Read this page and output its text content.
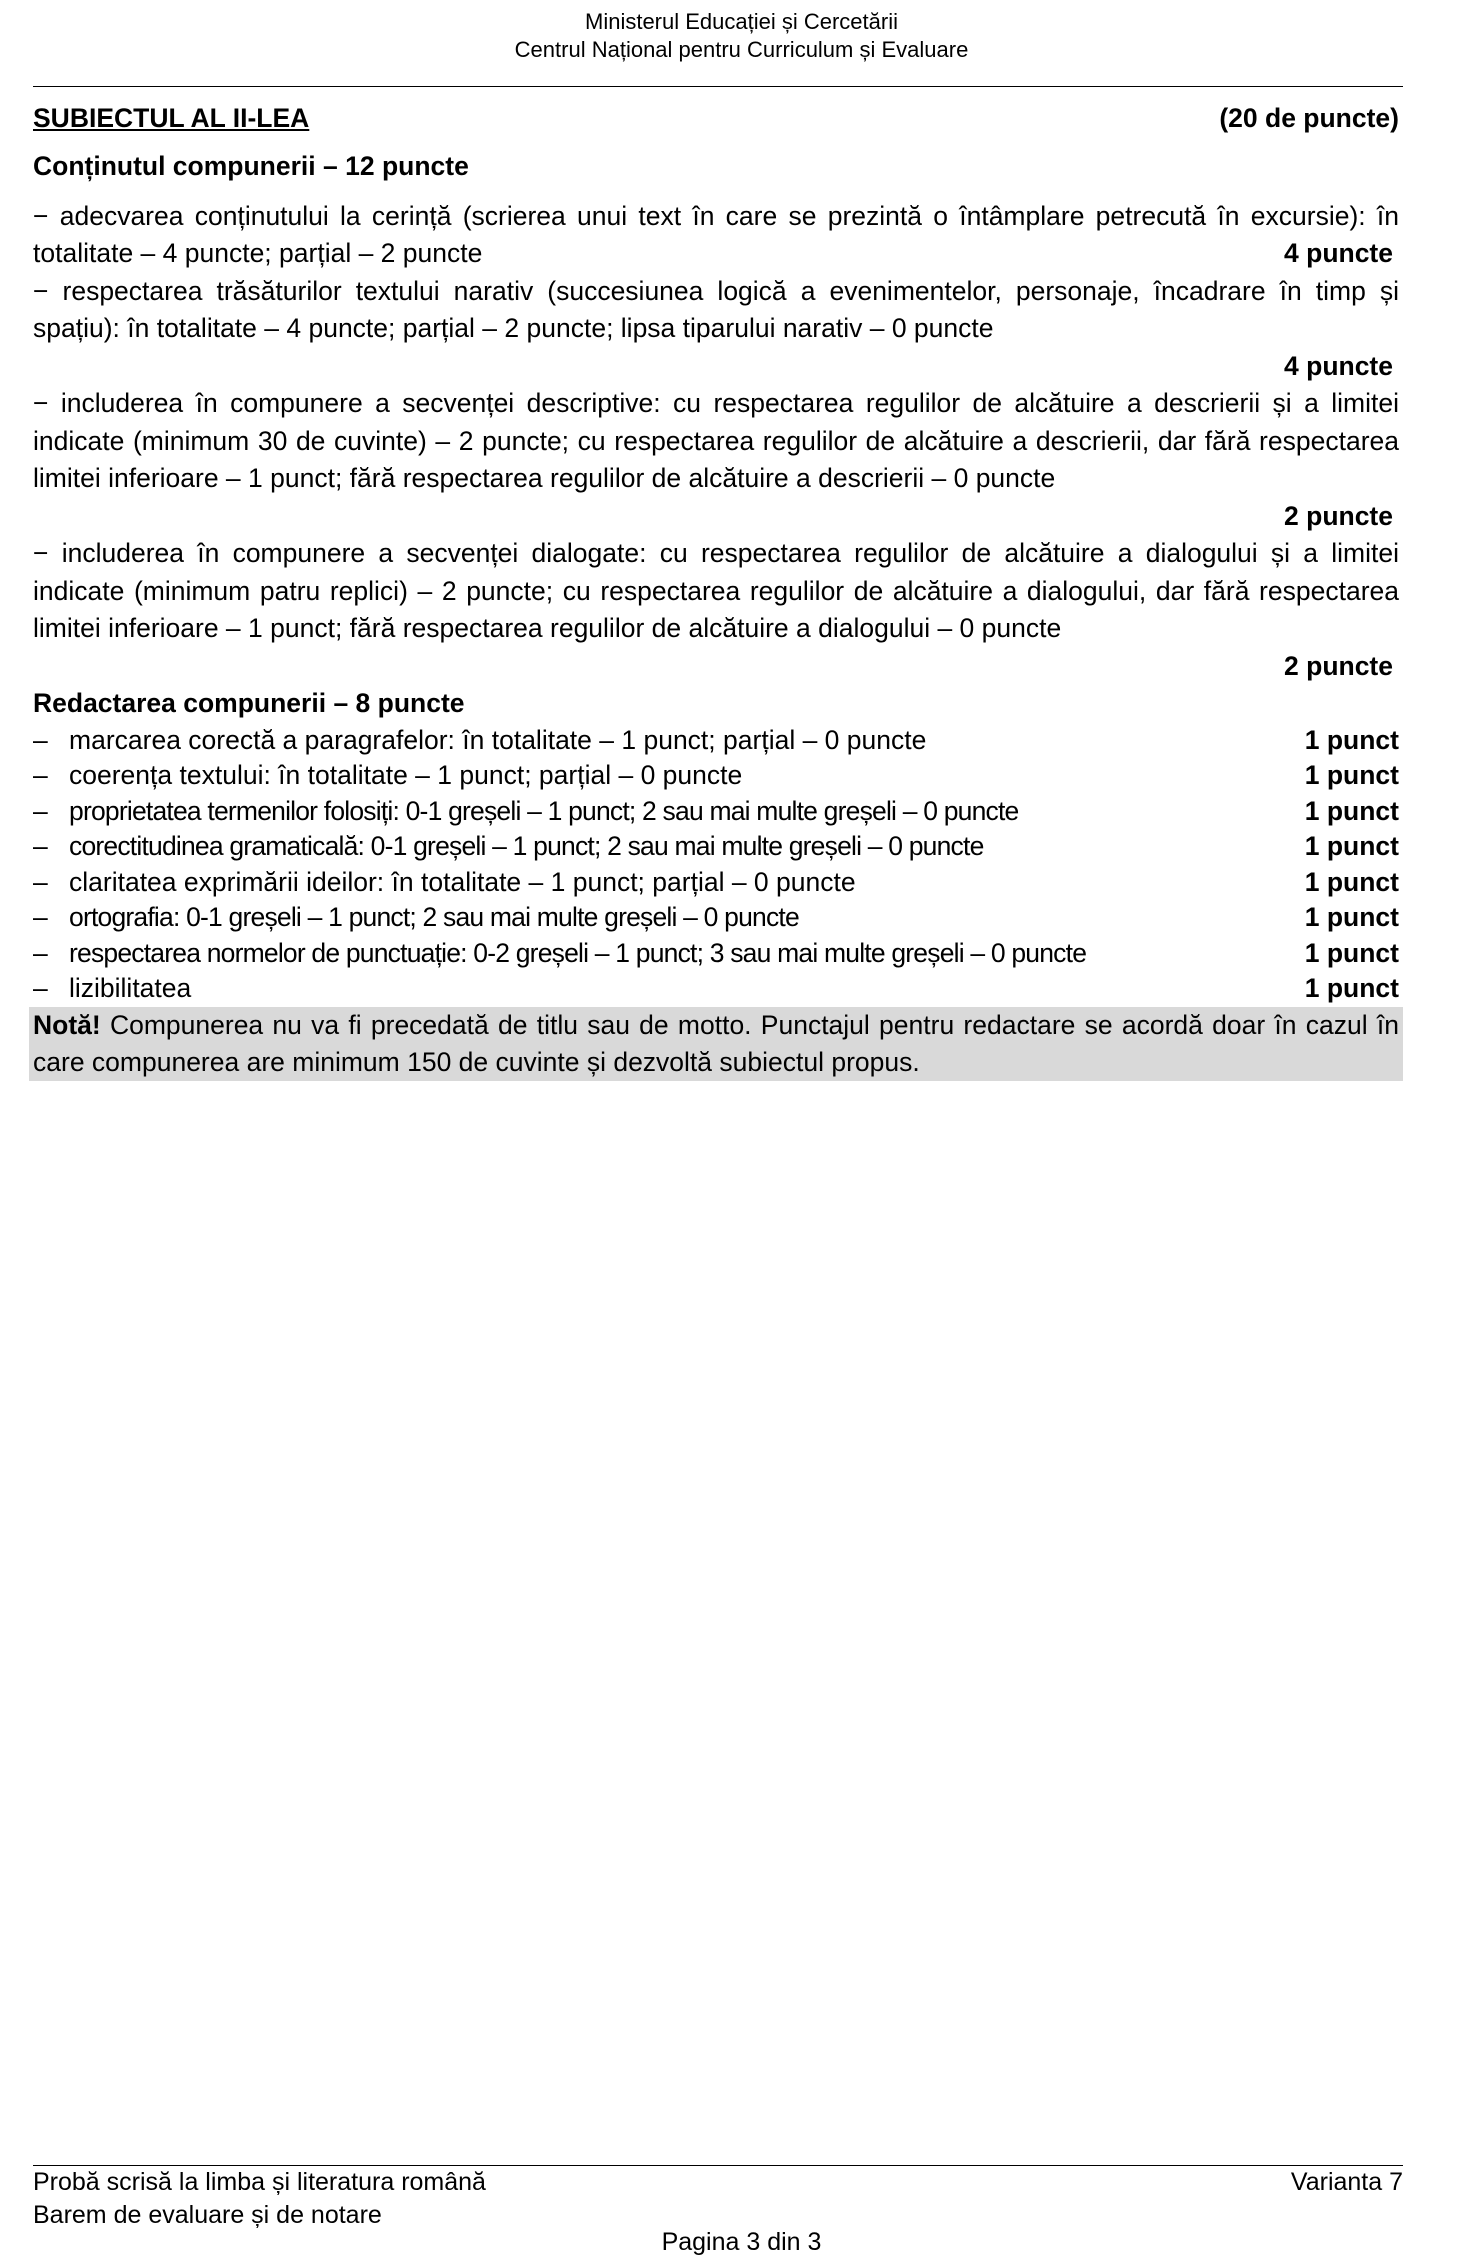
Ministerul Educației și Cercetării
Centrul Național pentru Curriculum și Evaluare
SUBIECTUL AL II-LEA	(20 de puncte)
Conținutul compunerii – 12 puncte
− adecvarea conținutului la cerință (scrierea unui text în care se prezintă o întâmplare petrecută în excursie): în totalitate – 4 puncte; parțial – 2 puncte	4 puncte
− respectarea trăsăturilor textului narativ (succesiunea logică a evenimentelor, personaje, încadrare în timp și spațiu): în totalitate – 4 puncte; parțial – 2 puncte; lipsa tiparului narativ – 0 puncte
4 puncte
− includerea în compunere a secvenței descriptive: cu respectarea regulilor de alcătuire a descrierii și a limitei indicate (minimum 30 de cuvinte) – 2 puncte; cu respectarea regulilor de alcătuire a descrierii, dar fără respectarea limitei inferioare – 1 punct; fără respectarea regulilor de alcătuire a descrierii – 0 puncte
2 puncte
− includerea în compunere a secvenței dialogate: cu respectarea regulilor de alcătuire a dialogului și a limitei indicate (minimum patru replici) – 2 puncte; cu respectarea regulilor de alcătuire a dialogului, dar fără respectarea limitei inferioare – 1 punct; fără respectarea regulilor de alcătuire a dialogului – 0 puncte
2 puncte
Redactarea compunerii – 8 puncte
– marcarea corectă a paragrafelor: în totalitate – 1 punct; parțial – 0 puncte	1 punct
– coerența textului: în totalitate – 1 punct; parțial – 0 puncte	1 punct
– proprietatea termenilor folosiți: 0-1 greșeli – 1 punct; 2 sau mai multe greșeli – 0 puncte	1 punct
– corectitudinea gramaticală: 0-1 greșeli – 1 punct; 2 sau mai multe greșeli – 0 puncte	1 punct
– claritatea exprimării ideilor: în totalitate – 1 punct; parțial – 0 puncte	1 punct
– ortografia: 0-1 greșeli – 1 punct; 2 sau mai multe greșeli – 0 puncte	1 punct
– respectarea normelor de punctuație: 0-2 greșeli – 1 punct; 3 sau mai multe greșeli – 0 puncte	1 punct
– lizibilitatea	1 punct
Notă! Compunerea nu va fi precedată de titlu sau de motto. Punctajul pentru redactare se acordă doar în cazul în care compunerea are minimum 150 de cuvinte și dezvoltă subiectul propus.
Probă scrisă la limba și literatura română
Barem de evaluare și de notare
Varianta 7
Pagina 3 din 3
